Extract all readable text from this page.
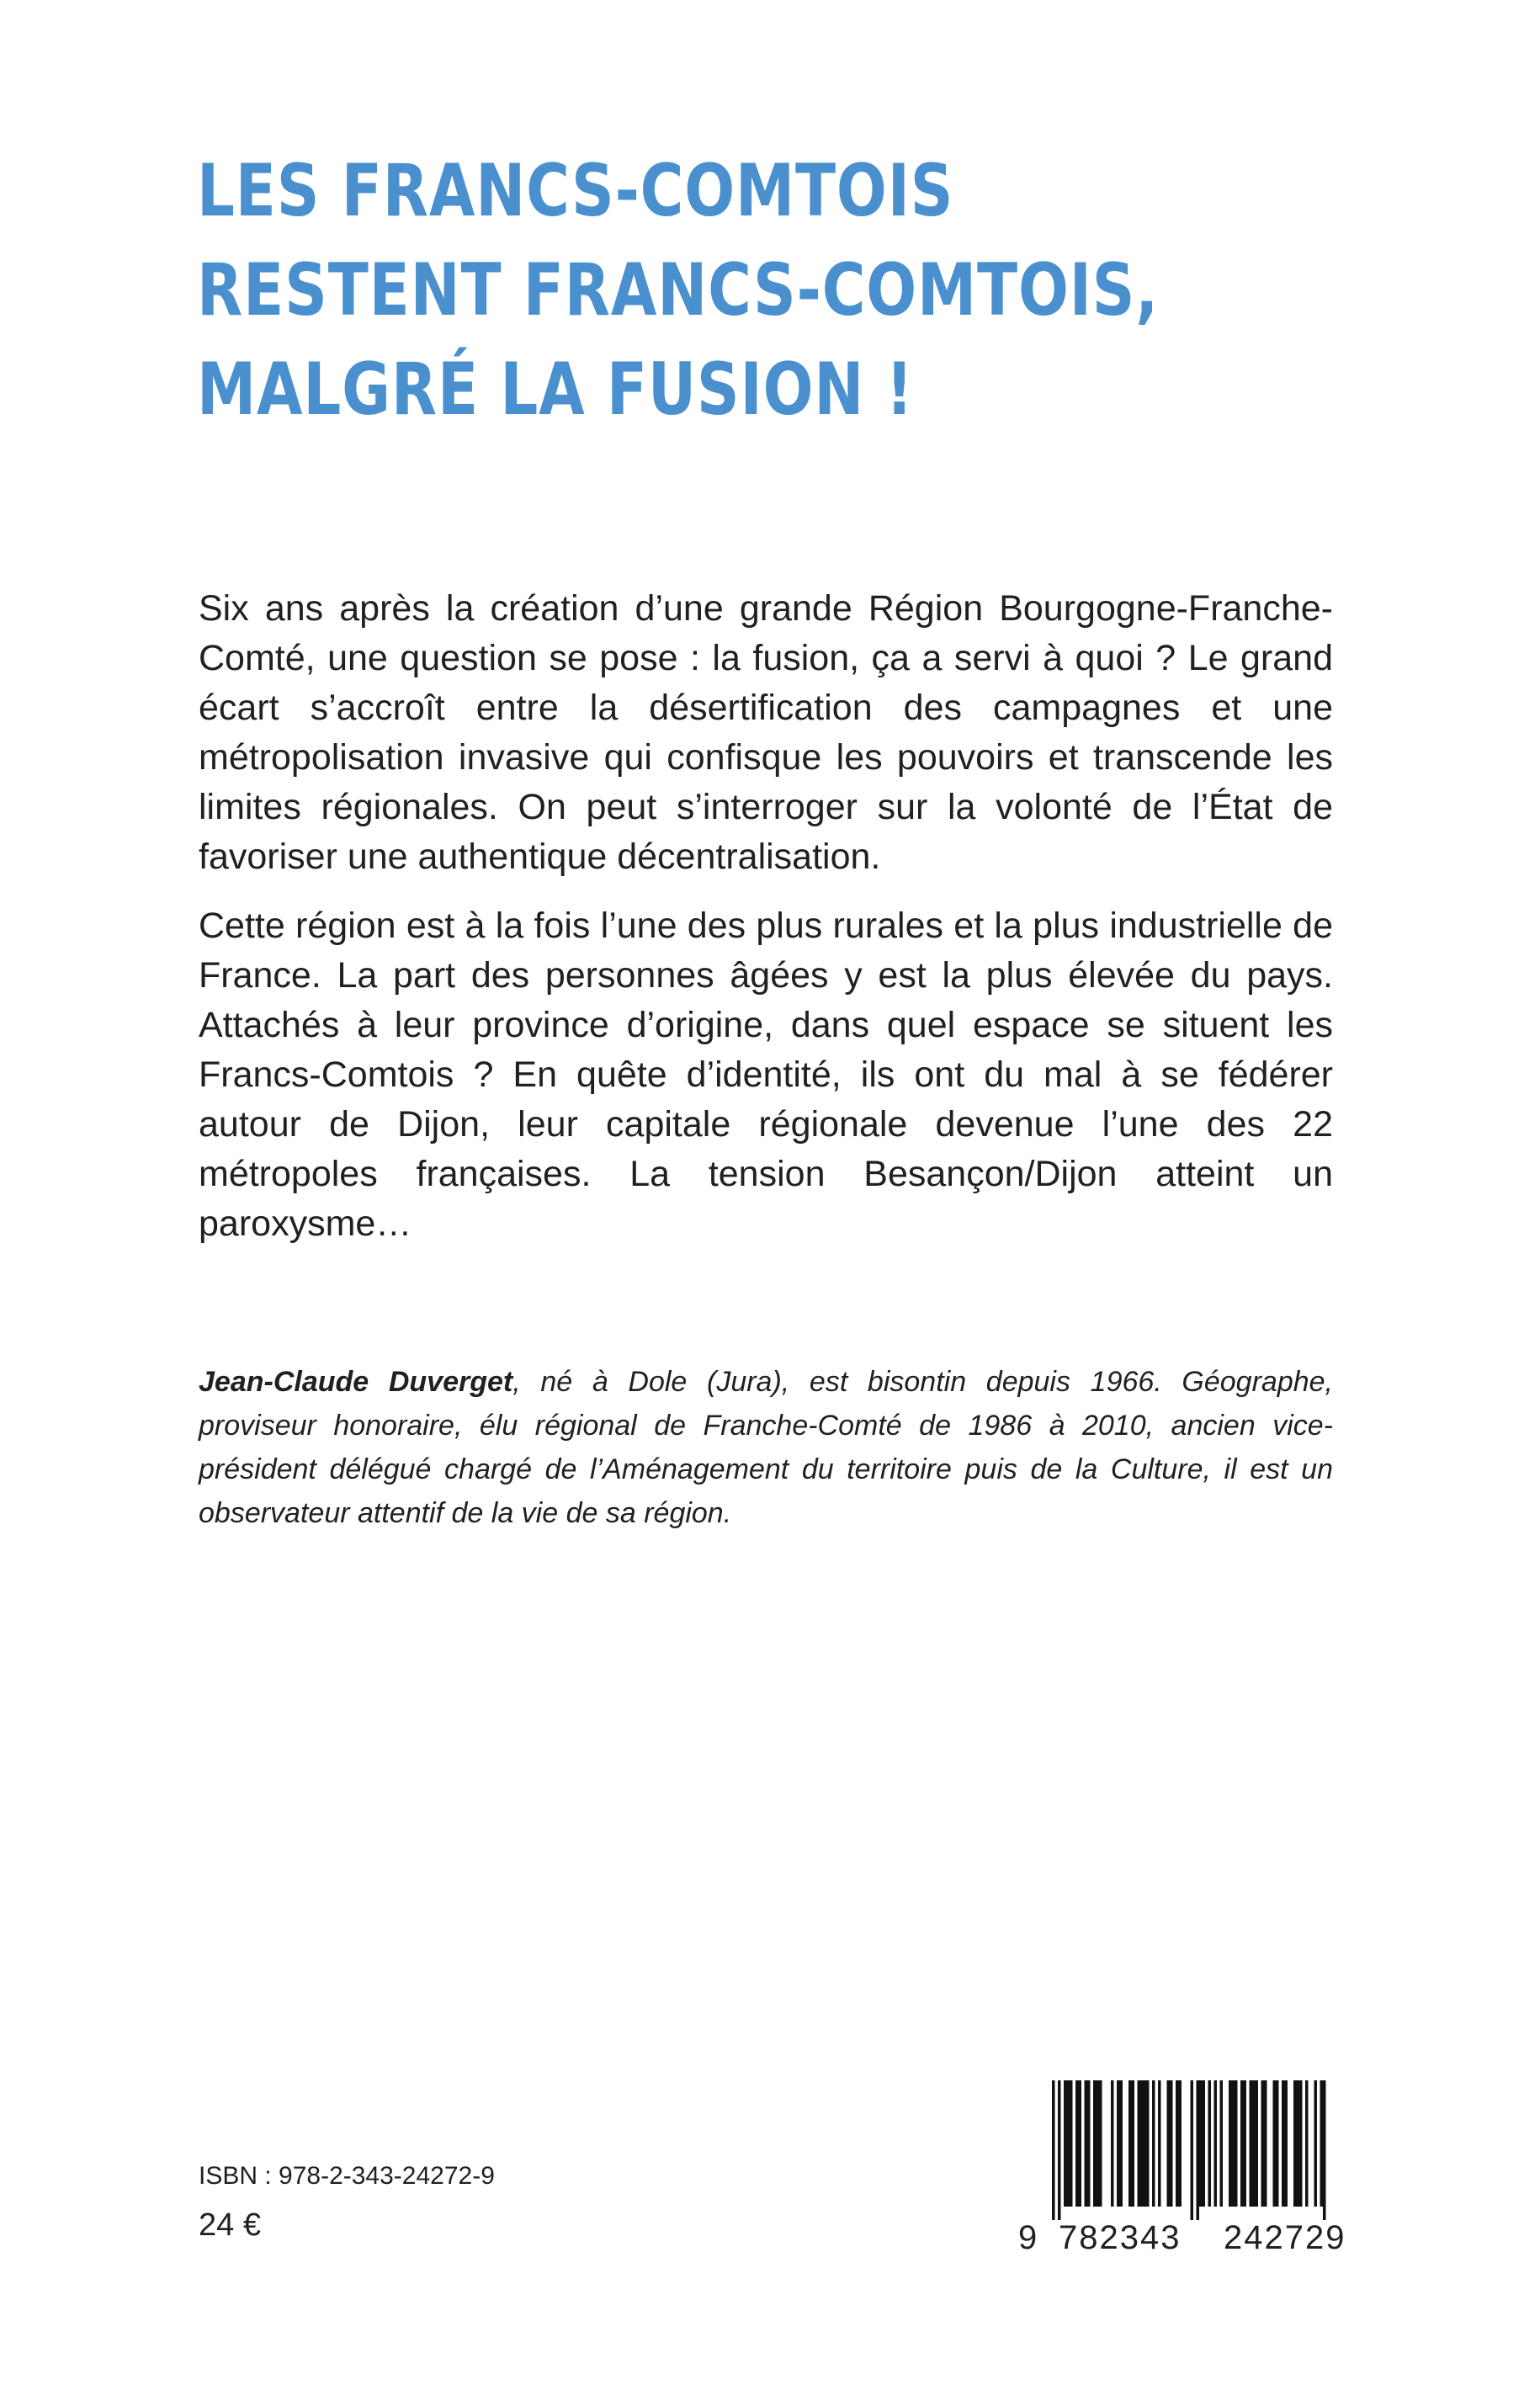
LES FRANCS-COMTOIS
RESTENT FRANCS-COMTOIS,
MALGRÉ LA FUSION !

Six ans après la création d’une grande Région Bourgogne-Franche-Comté, une question se pose : la fusion, ça a servi à quoi ? Le grand écart s’accroît entre la désertification des campagnes et une métropolisation invasive qui confisque les pouvoirs et transcende les limites régionales. On peut s’interroger sur la volonté de l’État de favoriser une authentique décentralisation.

Cette région est à la fois l’une des plus rurales et la plus industrielle de France. La part des personnes âgées y est la plus élevée du pays. Attachés à leur province d’origine, dans quel espace se situent les Francs-Comtois ? En quête d’identité, ils ont du mal à se fédérer autour de Dijon, leur capitale régionale devenue l’une des 22 métropoles françaises. La tension Besançon/Dijon atteint un paroxysme…

Jean-Claude Duverget, né à Dole (Jura), est bisontin depuis 1966. Géographe, proviseur honoraire, élu régional de Franche-Comté de 1986 à 2010, ancien vice-président délégué chargé de l’Aménagement du territoire puis de la Culture, il est un observateur attentif de la vie de sa région.

ISBN : 978-2-343-24272-9
24 €	9 782343 242729
